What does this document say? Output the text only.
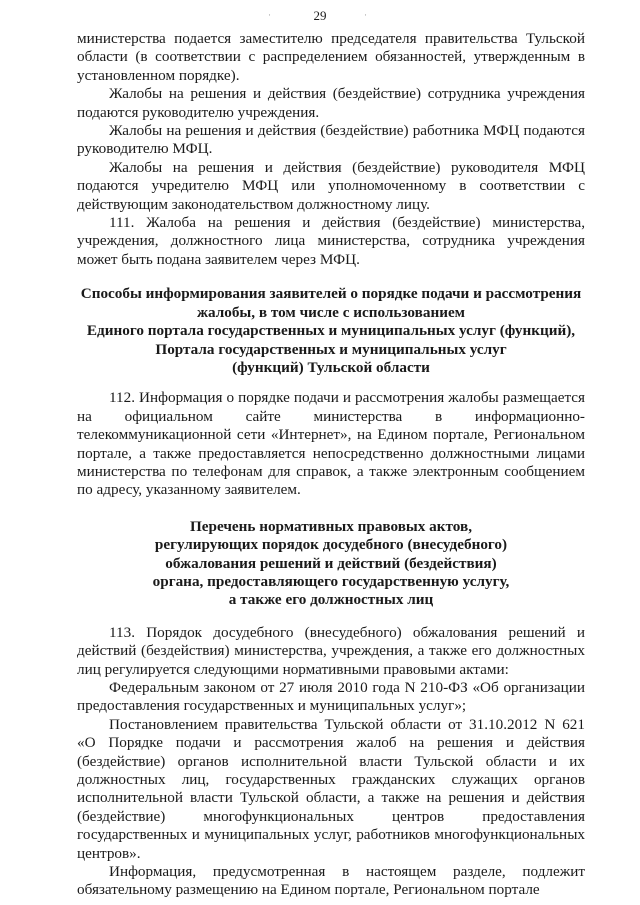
·	29	·

министерства подается заместителю председателя правительства Тульской области (в соответствии с распределением обязанностей, утвержденным в установленном порядке).

Жалобы на решения и действия (бездействие) сотрудника учреждения подаются руководителю учреждения.

Жалобы на решения и действия (бездействие) работника МФЦ подаются руководителю МФЦ.

Жалобы на решения и действия (бездействие) руководителя МФЦ подаются учредителю МФЦ или уполномоченному в соответствии с действующим законодательством должностному лицу.

111. Жалоба на решения и действия (бездействие) министерства, учреждения, должностного лица министерства, сотрудника учреждения может быть подана заявителем через МФЦ.

Способы информирования заявителей о порядке подачи и рассмотрения
жалобы, в том числе с использованием
Единого портала государственных и муниципальных услуг (функций),
Портала государственных и муниципальных услуг
(функций) Тульской области

112. Информация о порядке подачи и рассмотрения жалобы размещается на официальном сайте министерства в информационно-телекоммуникационной сети «Интернет», на Едином портале, Региональном портале, а также предоставляется непосредственно должностными лицами министерства по телефонам для справок, а также электронным сообщением по адресу, указанному заявителем.

Перечень нормативных правовых актов,
регулирующих порядок досудебного (внесудебного)
обжалования решений и действий (бездействия)
органа, предоставляющего государственную услугу,
а также его должностных лиц

113. Порядок досудебного (внесудебного) обжалования решений и действий (бездействия) министерства, учреждения, а также его должностных лиц регулируется следующими нормативными правовыми актами:

Федеральным законом от 27 июля 2010 года N 210-ФЗ «Об организации предоставления государственных и муниципальных услуг»;

Постановлением правительства Тульской области от 31.10.2012 N 621 «О Порядке подачи и рассмотрения жалоб на решения и действия (бездействие) органов исполнительной власти Тульской области и их должностных лиц, государственных гражданских служащих органов исполнительной власти Тульской области, а также на решения и действия (бездействие) многофункциональных центров предоставления государственных и муниципальных услуг, работников многофункциональных центров».

Информация, предусмотренная в настоящем разделе, подлежит обязательному размещению на Едином портале, Региональном портале
